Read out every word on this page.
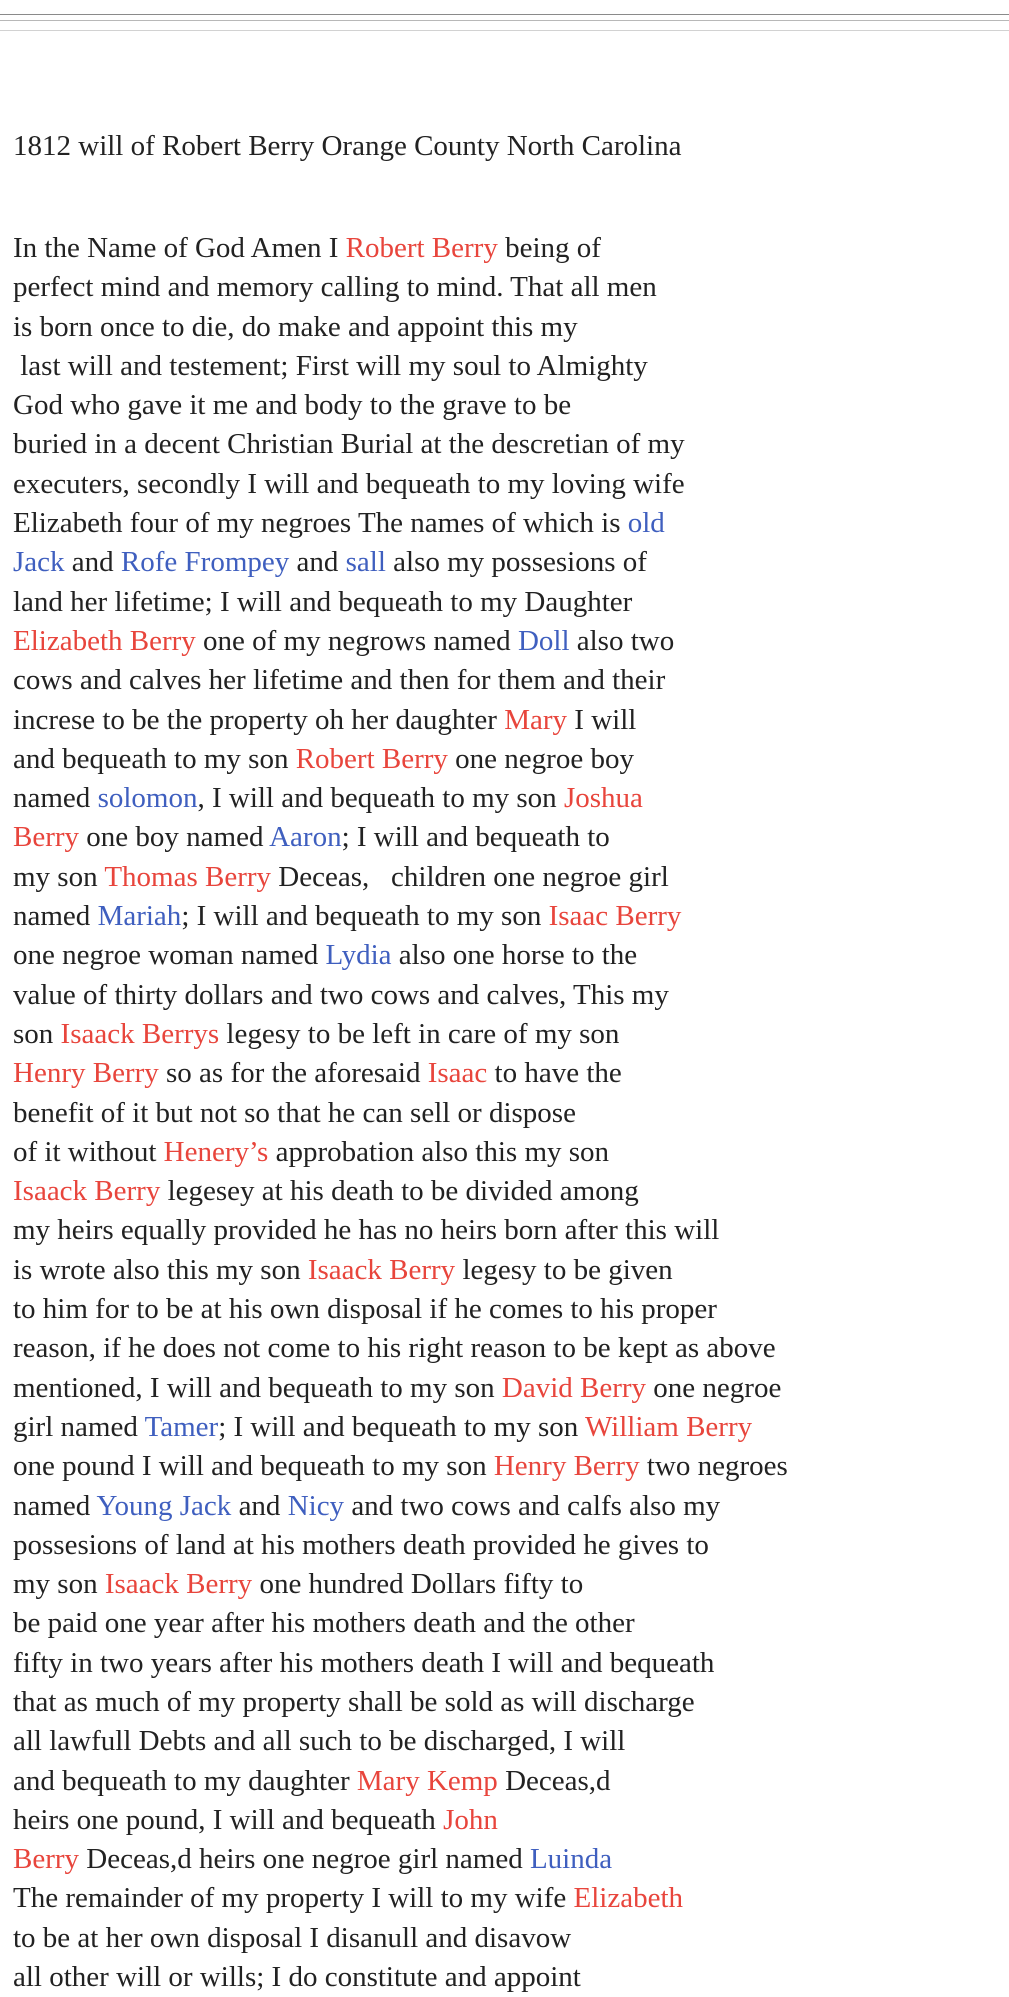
1812 will of Robert Berry Orange County North Carolina
In the Name of God Amen I Robert Berry being of
perfect mind and memory calling to mind. That all men
is born once to die, do make and appoint this my
last will and testement; First will my soul to Almighty
God who gave it me and body to the grave to be
buried in a decent Christian Burial at the descretian of my
executers, secondly I will and bequeath to my loving wife
Elizabeth four of my negroes The names of which is old
Jack and Rofe Frompey and sall also my possesions of
land her lifetime; I will and bequeath to my Daughter
Elizabeth Berry one of my negrows named Doll also two
cows and calves her lifetime and then for them and their
increse to be the property oh her daughter Mary I will
and bequeath to my son Robert Berry one negroe boy
named solomon, I will and bequeath to my son Joshua
Berry one boy named Aaron; I will and bequeath to
my son Thomas Berry Deceas,   children one negroe girl
named Mariah; I will and bequeath to my son Isaac Berry
one negroe woman named Lydia also one horse to the
value of thirty dollars and two cows and calves, This my
son Isaack Berrys legesy to be left in care of my son
Henry Berry so as for the aforesaid Isaac to have the
benefit of it but not so that he can sell or dispose
of it without Henery’s approbation also this my son
Isaack Berry legesey at his death to be divided among
my heirs equally provided he has no heirs born after this will
is wrote also this my son Isaack Berry legesy to be given
to him for to be at his own disposal if he comes to his proper
reason, if he does not come to his right reason to be kept as above
mentioned, I will and bequeath to my son David Berry one negroe
girl named Tamer; I will and bequeath to my son William Berry
one pound I will and bequeath to my son Henry Berry two negroes
named Young Jack and Nicy and two cows and calfs also my
possesions of land at his mothers death provided he gives to
my son Isaack Berry one hundred Dollars fifty to
be paid one year after his mothers death and the other
fifty in two years after his mothers death I will and bequeath
that as much of my property shall be sold as will discharge
all lawfull Debts and all such to be discharged, I will
and bequeath to my daughter Mary Kemp Deceas,d
heirs one pound, I will and bequeath John
Berry Deceas,d heirs one negroe girl named Luinda
The remainder of my property I will to my wife Elizabeth
to be at her own disposal I disanull and disavow
all other will or wills; I do constitute and appoint
